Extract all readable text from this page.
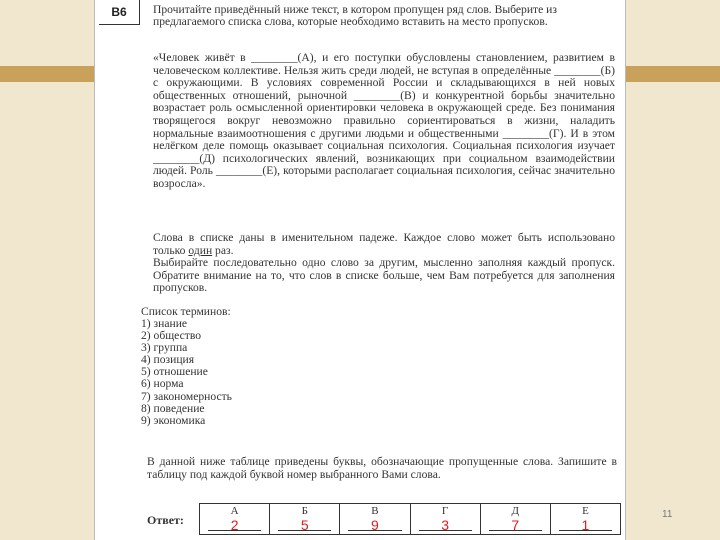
В6	Прочитайте приведённый ниже текст, в котором пропущен ряд слов. Выберите из предлагаемого списка слова, которые необходимо вставить на место пропусков.
«Человек живёт в ________(А), и его поступки обусловлены становлением, развитием в человеческом коллективе. Нельзя жить среди людей, не вступая в определённые ________(Б) с окружающими. В условиях современной России и складывающихся в ней новых общественных отношений, рыночной ________(В) и конкурентной борьбы значительно возрастает роль осмысленной ориентировки человека в окружающей среде. Без понимания творящегося вокруг невозможно правильно сориентироваться в жизни, наладить нормальные взаимоотношения с другими людьми и общественными ________(Г). И в этом нелёгком деле помощь оказывает социальная психология. Социальная психология изучает ________(Д) психологических явлений, возникающих при социальном взаимодействии людей. Роль ________(Е), которыми располагает социальная психология, сейчас значительно возросла».
Слова в списке даны в именительном падеже. Каждое слово может быть использовано только один раз.
Выбирайте последовательно одно слово за другим, мысленно заполняя каждый пропуск. Обратите внимание на то, что слов в списке больше, чем Вам потребуется для заполнения пропусков.
Список терминов:
1) знание
2) общество
3) группа
4) позиция
5) отношение
6) норма
7) закономерность
8) поведение
9) экономика
В данной ниже таблице приведены буквы, обозначающие пропущенные слова. Запишите в таблицу под каждой буквой номер выбранного Вами слова.
Ответ:
А
2
Б
5
В
9
Г
3
Д
7
Е
1
11
